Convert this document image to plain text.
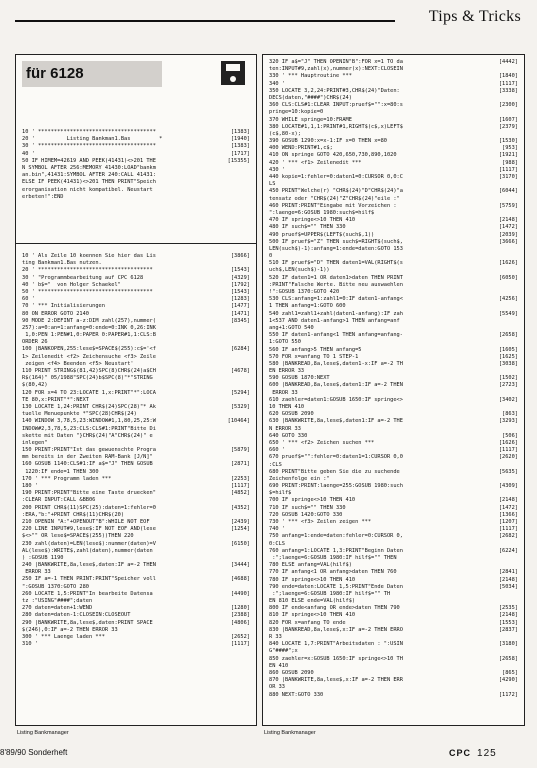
Tips & Tricks
für 6128
10 ' *************************************	[1383]
20 '          Listing Bankman1.Bas         *	[1940]
30 ' *************************************	[1383]
40 '	[1717]
50 IF HIMEM=42619 AND PEEK(41431)<>201 THE	[15355]
N SYMBOL AFTER 256:MEMORY 41430:LOAD"bankm
an.bin",41431:SYMBOL AFTER 240:CALL 41431:
ELSE IF PEEK(41431)<>201 THEN PRINT"Speich
erorganisation nicht kompatibel. Neustart
erbeten!":END
10 ' Als Zeile 10 koennen Sie hier das Lis	[3866]
ting Bankman1.Bas nutzen.
20 ' ************************************	[1543]
30 ' "Programmbearbeitung auf CPC 6128	[4329]
40 ' b$="  von Holger Schaekel"	[1792]
50 ' ************************************	[1543]
60 '	[1283]
70 ' *** Initialisierungen	[1477]
80 ON ERROR GOTO 2140	[1471]
90 MODE 2:DEFINT a-z:DIM zahl(257),nummer(	[8345]
257):a=0:an=1:anfang=0:ende=0:INK 0,26:INK
1,0:PEN 1:PEN#1,0:PAPER 0:PAPER#1,1:CLS:B
ORDER 26
100 |BANKOPEN,255:lese$=SPACE$(255):c$='<f	[6284]
1> Zeilenedit <f2> Zeichensuche <f3> Zeile
zeigen <f4> Beenden <f5> Neustart'
110 PRINT STRING$(81,42)SPC(8)CHR$(24)a$CH	[4678]
R$(164)" 05/1988"SPC(24)b$SPC(8)"*"STRING
$(80,42)
120 FOR x=4 TO 23:LOCATE 1,x:PRINT"*":LOCA	[5294]
TE 80,x:PRINT"*":NEXT
130 LOCATE 1,24:PRINT CHR$(24)SPC(28)"* Ak	[5329]
tuelle Menuepunkte *"SPC(28)CHR$(24)
140 WINDOW 3,78,5,23:WINDOW#1,1,80,25,25:W	[10464]
INDOW#2,3,78,5,23:CLS:CLS#1:PRINT"Bitte Di
skette mit Daten "}CHR$(24)"A"CHR$(24)" e
inlegen"
150 PRINT:PRINT"Ist das gewuenschte Progra	[5879]
mm bereits in der Zweiten RAM-Bank [J/N]"
160 GOSUB 1140:CLS#1:IF a$="J" THEN GOSUB	[2871]
1220:IF ende=1 THEN 300
170 ' *** Programm laden ***	[2253]
180 '	[1117]
190 PRINT:PRINT"Bitte eine Taste druecken"	[4852]
:CLEAR INPUT:CALL &BB06
200 PRINT CHR$(11)SPC(25):daten=1:fehler=0	[4352]
:ERA,"b:"+PRINT CHR$(11)CHR$(20)
210 OPENIN "A:"+OPENOUT"B":WHILE NOT EOF	[2439]
220 LINE INPUT#9,lese$:IF NOT EOF AND(lese	[1254]
$<>"" OR lese$=SPACE$(255))THEN 220
230 zahl(daten)=LEN(lese$):nummer(daten)=V	[6150]
AL(lese$):WRITE$,zahl(daten),nummer(daten
) :GOSUB 1190
240 |BANKWRITE,8a,lese$,daten:IF a=-2 THEN	[3444]
ERROR 33
250 IF a=-1 THEN PRINT:PRINT"Speicher voll	[4688]
":GOSUB 1370:GOTO 280
260 LOCATE 1,5:PRINT"In bearbeite Datensa	[4490]
tz :"USING"####";daten
270 daten=daten+1:WEND	[1280]
280 daten=daten-1:CLOSEIN:CLOSEOUT	[2388]
290 |BANKWRITE,8a,lese$,daten:PRINT SPACE	[4806]
$(246),0:IF a=-2 THEN ERROR 33
300 ' *** Laenge laden ***	[2652]
310 '	[1117]
320 IF a$="J" THEN OPENIN"B":FOR x=1 TO da	[4442]
ten:INPUT#9,zahl(x),nummer(x):NEXT:CLOSEIN
330 ' *** Hauptroutine ***	[1840]
340 '	[1117]
350 LOCATE 3,2,24:PRINT#3,CHR$(24)"Daten:	[3338]
DECS(daten,"####")CHR$(24)
360 CLS:CLS#1:CLEAR INPUT:pruef$="":x=80:s	[2300]
pringe=10:kopie=0
370 WHILE springe=10:FRAME	[1607]
380 LOCATE#1,1,1:PRINT#1,RIGHT$(c$,x)LEFT$	[2379]
(c$,80-x);
390 GOSUB 1290:x=x-1:IF x=0 THEN x=80	[1530]
400 WEND:PRINT#1,c$;	[953]
410 ON springe GOTO 420,650,730,890,1020	[1921]
420 ' *** <f1> Zeilenedit ***	[988]
430 '	[1117]
440 kopie=1:fehler=0:daten1=0:CURSOR 0,0:C	[3170]
LS
450 PRINT"Welche(r) "CHR$(24)"D"CHR$(24)"a	[6044]
tensatz oder "CHR$(24)"Z"CHR$(24)"eile :"
460 PRINT:PRINT"Eingabe mit Vorzeichen :	[5759]
":laenge=6:GOSUB 1980:such$=hilf$
470 IF springe<>10 THEN 410	[2148]
480 IF such$="" THEN 330	[1472]
490 pruef$=UPPER$(LEFT$(such$,1))	[2039]
500 IF pruef$="Z" THEN such$=RIGHT$(such$,	[3666]
LEN(such$)-1):anfang=1:ende=daten:GOTO 153
0
510 IF pruef$="D" THEN daten1=VAL(RIGHT$(s	[1626]
uch$,LEN(such$)-1))
520 IF daten1=1 OR daten1>daten THEN PRINT	[6050]
:PRINT"Falsche Werte. Bitte neu auswaehlen
!":GOSUB 1370:GOTO 420
530 CLS:anfang=1:zahl1=0:IF daten1-anfang<	[4256]
1 THEN anfang=1:GOTO 600
540 zahl1=zahl1+zahl(daten1-anfang):IF zah	[5549]
1<537 AND daten1-anfang>1 THEN anfang=anf
ang+1:GOTO 540
550 IF daten1-anfang<1 THEN anfang=anfang-	[2658]
1:GOTO 550
560 IF anfang>5 THEN anfang=5	[1605]
570 FOR x=anfang TO 1 STEP-1	[1625]
580 |BANKREAD,8a,lese$,daten1-x:IF a=-2 TH	[3038]
EN ERROR 33
590 GOSUB 1870:NEXT	[1502]
600 |BANKREAD,8a,lese$,daten1:IF a=-2 THEN	[2723]
ERROR 33
610 zaehler=daten1:GOSUB 1650:IF springe<>	[3402]
10 THEN 410
620 GOSUB 2090	[863]
630 |BANKWRITE,8a,lese$,daten1:IF a=-2 THE	[3293]
N ERROR 33
640 GOTO 330	[506]
650 ' *** <f2> Zeichen suchen ***	[1626]
660 '	[1117]
670 pruef$="":fehler=0:daten1=1:CURSOR 0,0	[2620]
:CLS
680 PRINT"Bitte geben Sie die zu suchende	[5635]
Zeichenfolge ein :"
690 PRINT:PRINT:laenge=255:GOSUB 1980:such	[4309]
$=hilf$
700 IF springe<>10 THEN 410	[2148]
710 IF such$="" THEN 330	[1472]
720 GOSUB 1420:GOTO 330	[1366]
730 ' *** <f3> Zeilen zeigen ***	[1207]
740 '	[1117]
750 anfang=1:ende=daten:fehler=0:CURSOR 0,	[2682]
0:CLS
760 anfang=1:LOCATE 1,3:PRINT"Beginn Daten	[6224]
:";laenge=6:GOSUB 1980:IF hilf$="" THEN
780 ELSE anfang=VAL(hilf$)
770 IF anfang<1 OR anfang>daten THEN 760	[2841]
780 IF springe<>10 THEN 410	[2148]
790 ende=daten:LOCATE 1,5:PRINT"Ende Daten	[5034]
:";laenge=6:GOSUB 1980:IF hilf$="" TH
EN 810 ELSE ende=VAL(hilf$)
800 IF ende<anfang OR ende>daten THEN 790	[2535]
810 IF springe<>10 THEN 410	[2148]
820 FOR x=anfang TO ende	[1553]
830 |BANKREAD,8a,lese$,x:IF a=-2 THEN ERRO	[2837]
R 33
840 LOCATE 1,7:PRINT"Arbeitsdaten : ":USIN	[3180]
G"####";x
850 zaehler=x:GOSUB 1650:IF springe<>10 TH	[2658]
EN 410
860 GOSUB 2090	[865]
870 |BANKWRITE,8a,lese$,x:IF a=-2 THEN ERR	[4290]
OR 33
880 NEXT:GOTO 330	[1172]
Listing Bankmanager	Listing Bankmanager
8'89/90 Sonderheft	CPC 125
